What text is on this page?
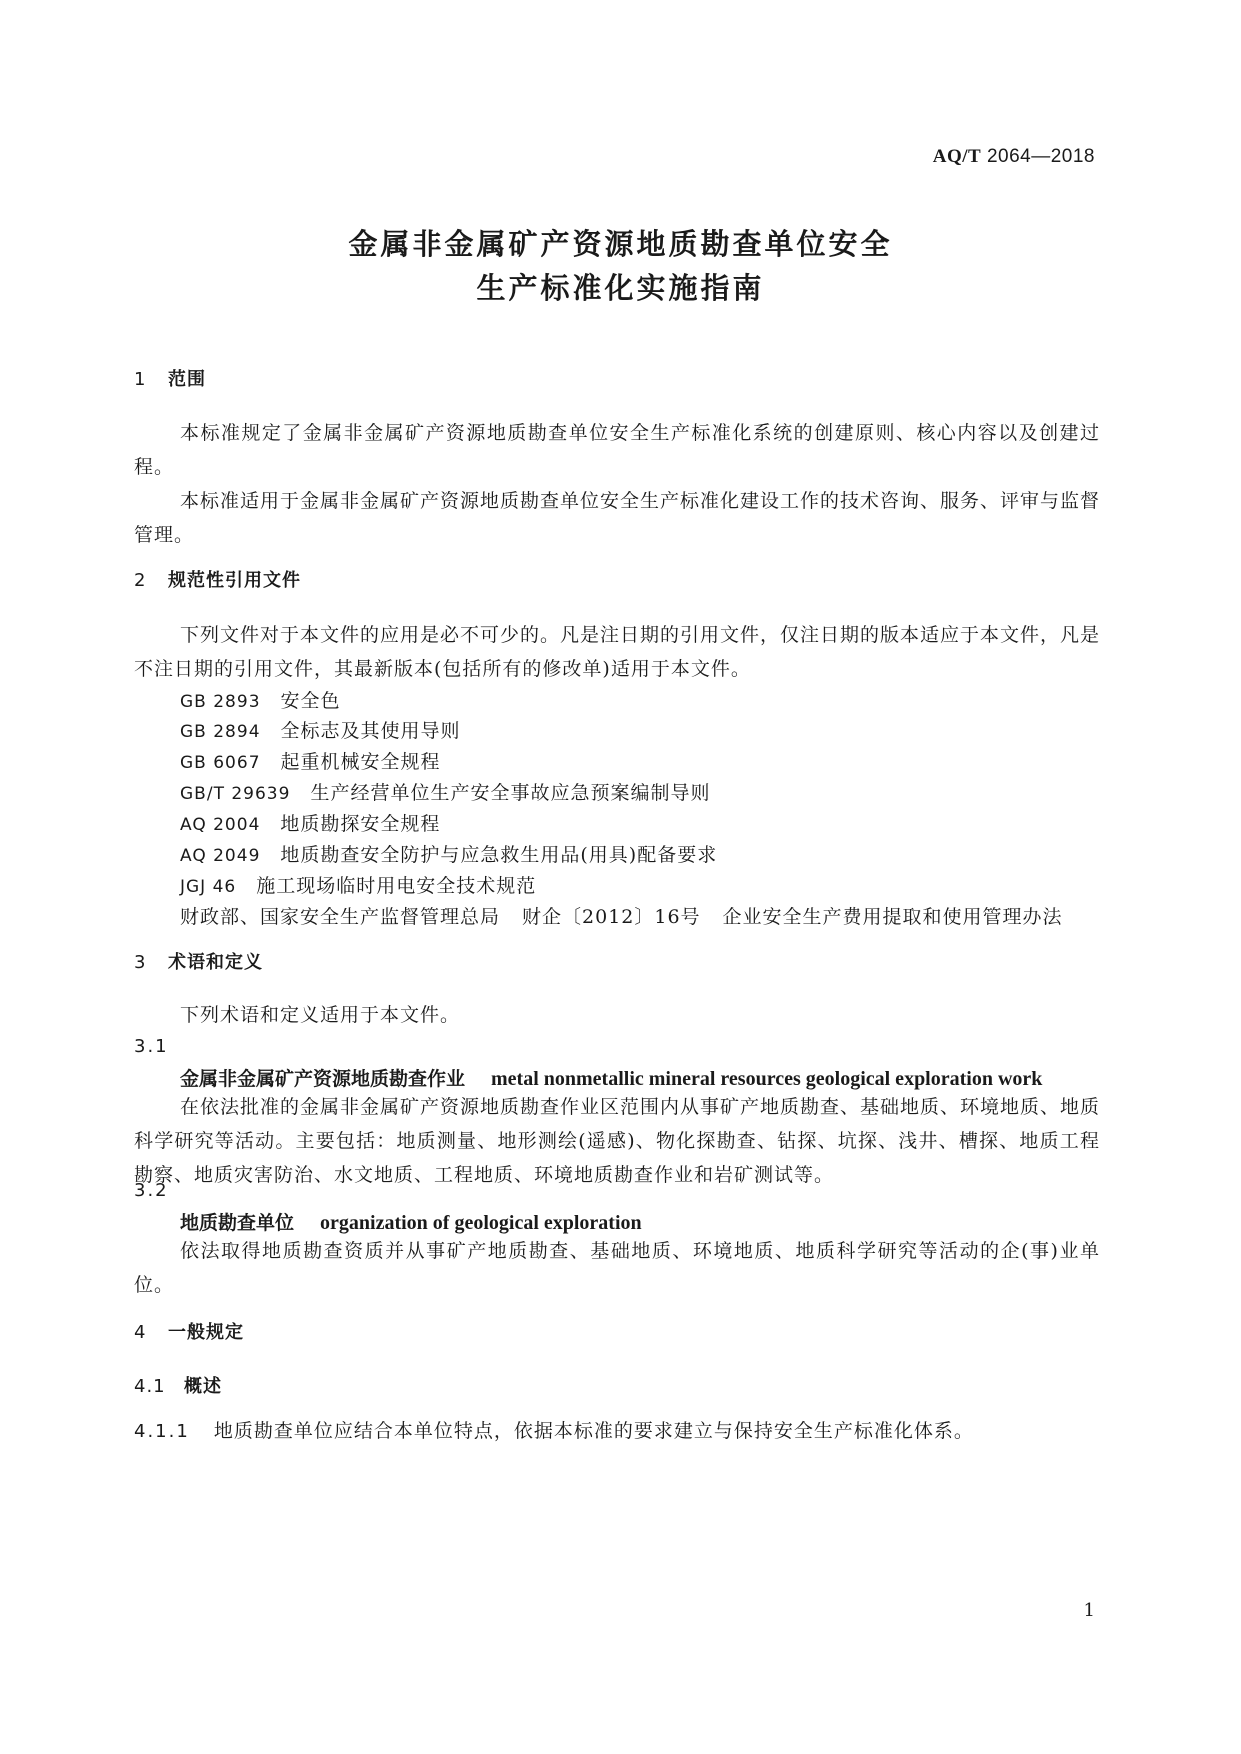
AQ/T 2064—2018
金属非金属矿产资源地质勘查单位安全
生产标准化实施指南
1 范围
本标准规定了金属非金属矿产资源地质勘查单位安全生产标准化系统的创建原则、核心内容以及创建过程。
本标准适用于金属非金属矿产资源地质勘查单位安全生产标准化建设工作的技术咨询、服务、评审与监督管理。
2 规范性引用文件
下列文件对于本文件的应用是必不可少的。凡是注日期的引用文件，仅注日期的版本适应于本文件，凡是不注日期的引用文件，其最新版本(包括所有的修改单)适用于本文件。
GB 2893 安全色
GB 2894 全标志及其使用导则
GB 6067 起重机械安全规程
GB/T 29639 生产经营单位生产安全事故应急预案编制导则
AQ 2004 地质勘探安全规程
AQ 2049 地质勘查安全防护与应急救生用品(用具)配备要求
JGJ 46 施工现场临时用电安全技术规范
财政部、国家安全生产监督管理总局 财企〔2012〕16号 企业安全生产费用提取和使用管理办法
3 术语和定义
下列术语和定义适用于本文件。
3.1
金属非金属矿产资源地质勘查作业 metal nonmetallic mineral resources geological exploration work
在依法批准的金属非金属矿产资源地质勘查作业区范围内从事矿产地质勘查、基础地质、环境地质、地质科学研究等活动。主要包括：地质测量、地形测绘(遥感)、物化探勘查、钻探、坑探、浅井、槽探、地质工程勘察、地质灾害防治、水文地质、工程地质、环境地质勘查作业和岩矿测试等。
3.2
地质勘查单位 organization of geological exploration
依法取得地质勘查资质并从事矿产地质勘查、基础地质、环境地质、地质科学研究等活动的企(事)业单位。
4 一般规定
4.1 概述
4.1.1 地质勘查单位应结合本单位特点，依据本标准的要求建立与保持安全生产标准化体系。
1
